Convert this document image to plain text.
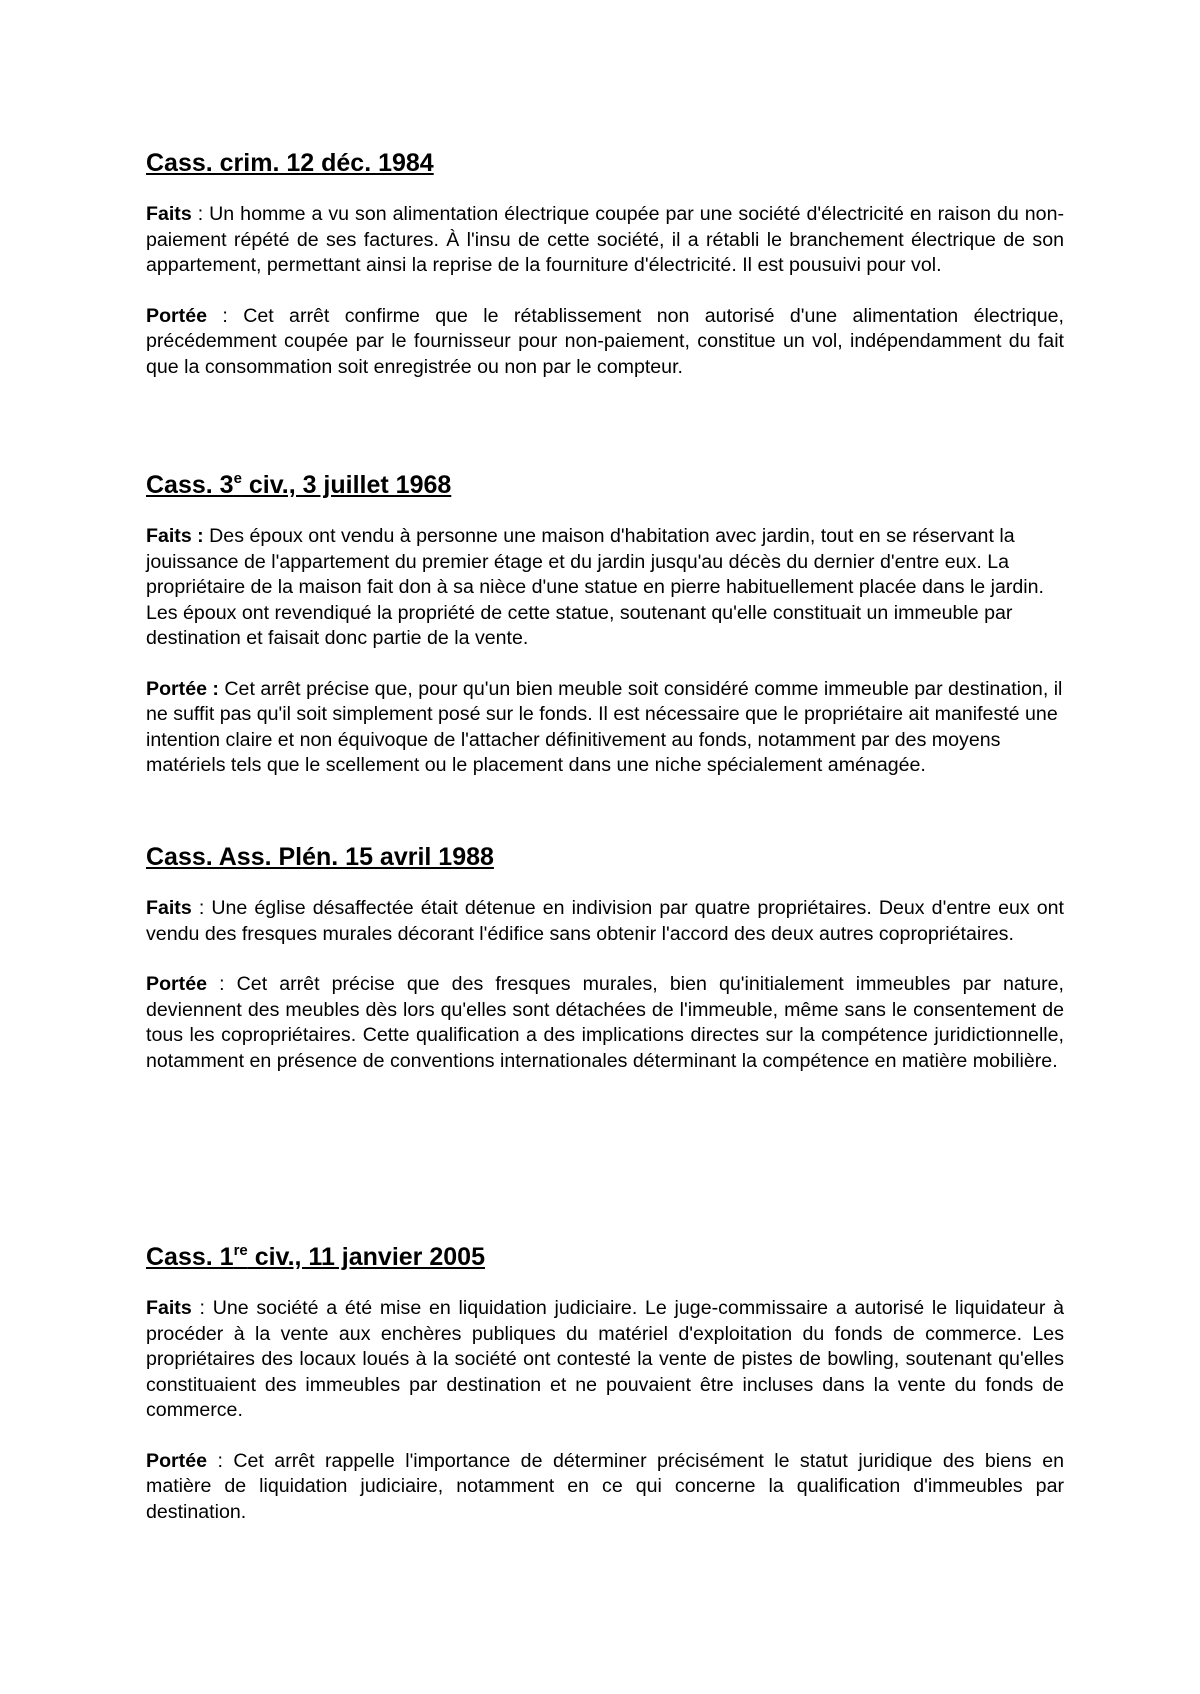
Cass. crim. 12 déc. 1984

Faits : Un homme a vu son alimentation électrique coupée par une société d'électricité en raison du non-paiement répété de ses factures. À l'insu de cette société, il a rétabli le branchement électrique de son appartement, permettant ainsi la reprise de la fourniture d'électricité. Il est pousuivi pour vol.

Portée : Cet arrêt confirme que le rétablissement non autorisé d'une alimentation électrique, précédemment coupée par le fournisseur pour non-paiement, constitue un vol, indépendamment du fait que la consommation soit enregistrée ou non par le compteur.

Cass. 3e civ., 3 juillet 1968

Faits : Des époux ont vendu à personne une maison d'habitation avec jardin, tout en se réservant la jouissance de l'appartement du premier étage et du jardin jusqu'au décès du dernier d'entre eux. La propriétaire de la maison fait don à sa nièce d'une statue en pierre habituellement placée dans le jardin. Les époux ont revendiqué la propriété de cette statue, soutenant qu'elle constituait un immeuble par destination et faisait donc partie de la vente.

Portée : Cet arrêt précise que, pour qu'un bien meuble soit considéré comme immeuble par destination, il ne suffit pas qu'il soit simplement posé sur le fonds. Il est nécessaire que le propriétaire ait manifesté une intention claire et non équivoque de l'attacher définitivement au fonds, notamment par des moyens matériels tels que le scellement ou le placement dans une niche spécialement aménagée.

Cass. Ass. Plén. 15 avril 1988

Faits : Une église désaffectée était détenue en indivision par quatre propriétaires. Deux d'entre eux ont vendu des fresques murales décorant l'édifice sans obtenir l'accord des deux autres copropriétaires.

Portée : Cet arrêt précise que des fresques murales, bien qu'initialement immeubles par nature, deviennent des meubles dès lors qu'elles sont détachées de l'immeuble, même sans le consentement de tous les copropriétaires. Cette qualification a des implications directes sur la compétence juridictionnelle, notamment en présence de conventions internationales déterminant la compétence en matière mobilière.

Cass. 1re civ., 11 janvier 2005

Faits : Une société a été mise en liquidation judiciaire. Le juge-commissaire a autorisé le liquidateur à procéder à la vente aux enchères publiques du matériel d'exploitation du fonds de commerce. Les propriétaires des locaux loués à la société ont contesté la vente de pistes de bowling, soutenant qu'elles constituaient des immeubles par destination et ne pouvaient être incluses dans la vente du fonds de commerce.

Portée : Cet arrêt rappelle l'importance de déterminer précisément le statut juridique des biens en matière de liquidation judiciaire, notamment en ce qui concerne la qualification d'immeubles par destination.
